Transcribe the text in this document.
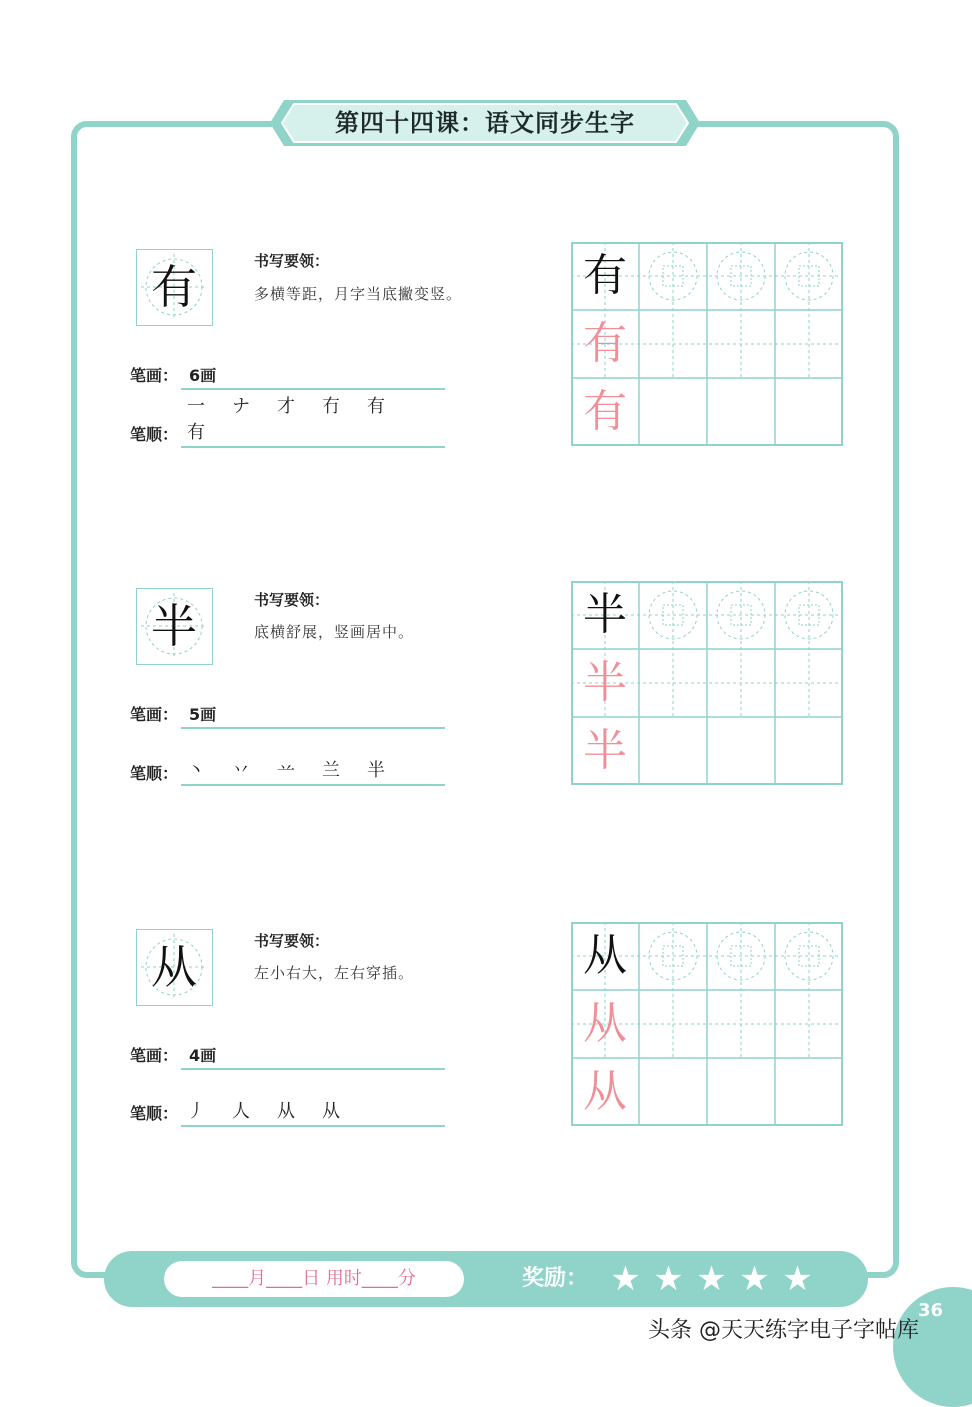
第四十四课：语文同步生字
有	书写要领：
多横等距，月字当底撇变竖。
笔画： 6画
笔顺：
一 ナ 才 冇 有有
有
有
有
半	书写要领：
底横舒展，竖画居中。
笔画： 5画
笔顺： 丶 丷 䒑 兰 半
半
半
半
从	书写要领：
左小右大，左右穿插。
笔画： 4画
笔顺： 丿 人 从 从
从
从
从
____月____日 用时____分	奖励： ★ ★ ★ ★ ★
36
头条 @天天练字电子字帖库
